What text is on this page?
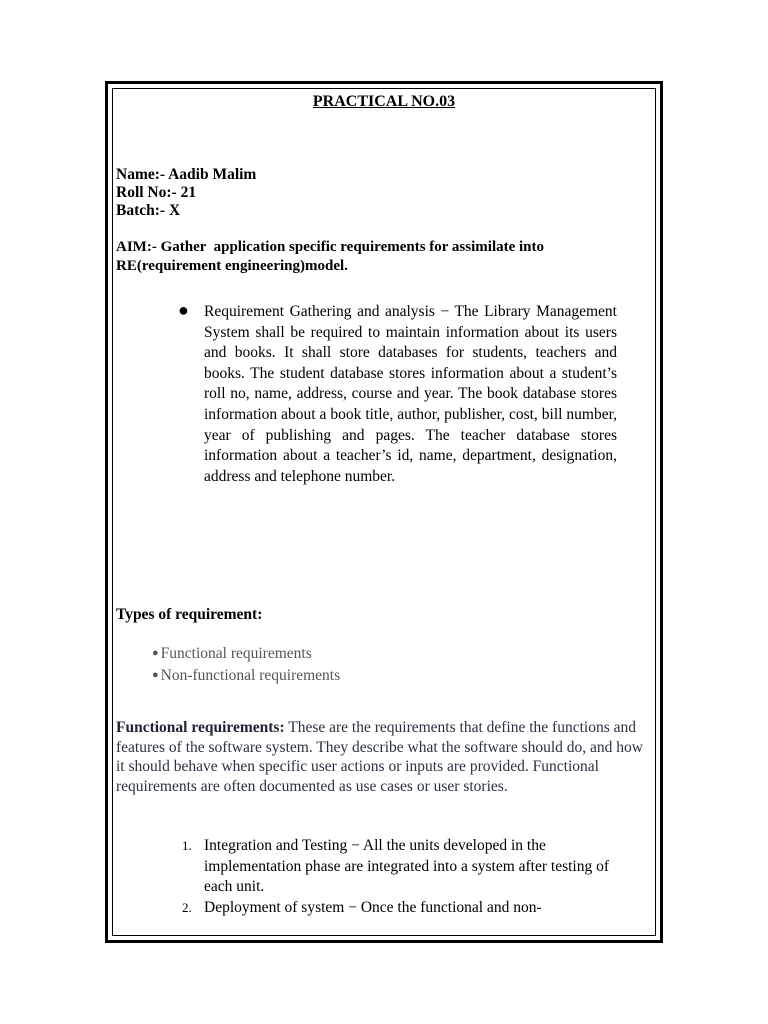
PRACTICAL NO.03
Name:- Aadib Malim
Roll No:- 21
Batch:- X
AIM:- Gather  application specific requirements for assimilate into
RE(requirement engineering)model.
● Requirement Gathering and analysis − The Library Management System shall be required to maintain information about its users and books. It shall store databases for students, teachers and books. The student database stores information about a student’s roll no, name, address, course and year. The book database stores information about a book title, author, publisher, cost, bill number, year of publishing and pages. The teacher database stores information about a teacher’s id, name, department, designation, address and telephone number.
Types of requirement:
● Functional requirements
● Non-functional requirements
Functional requirements: These are the requirements that define the functions and features of the software system. They describe what the software should do, and how it should behave when specific user actions or inputs are provided. Functional requirements are often documented as use cases or user stories.
1. Integration and Testing − All the units developed in the implementation phase are integrated into a system after testing of each unit.
2. Deployment of system − Once the functional and non-
